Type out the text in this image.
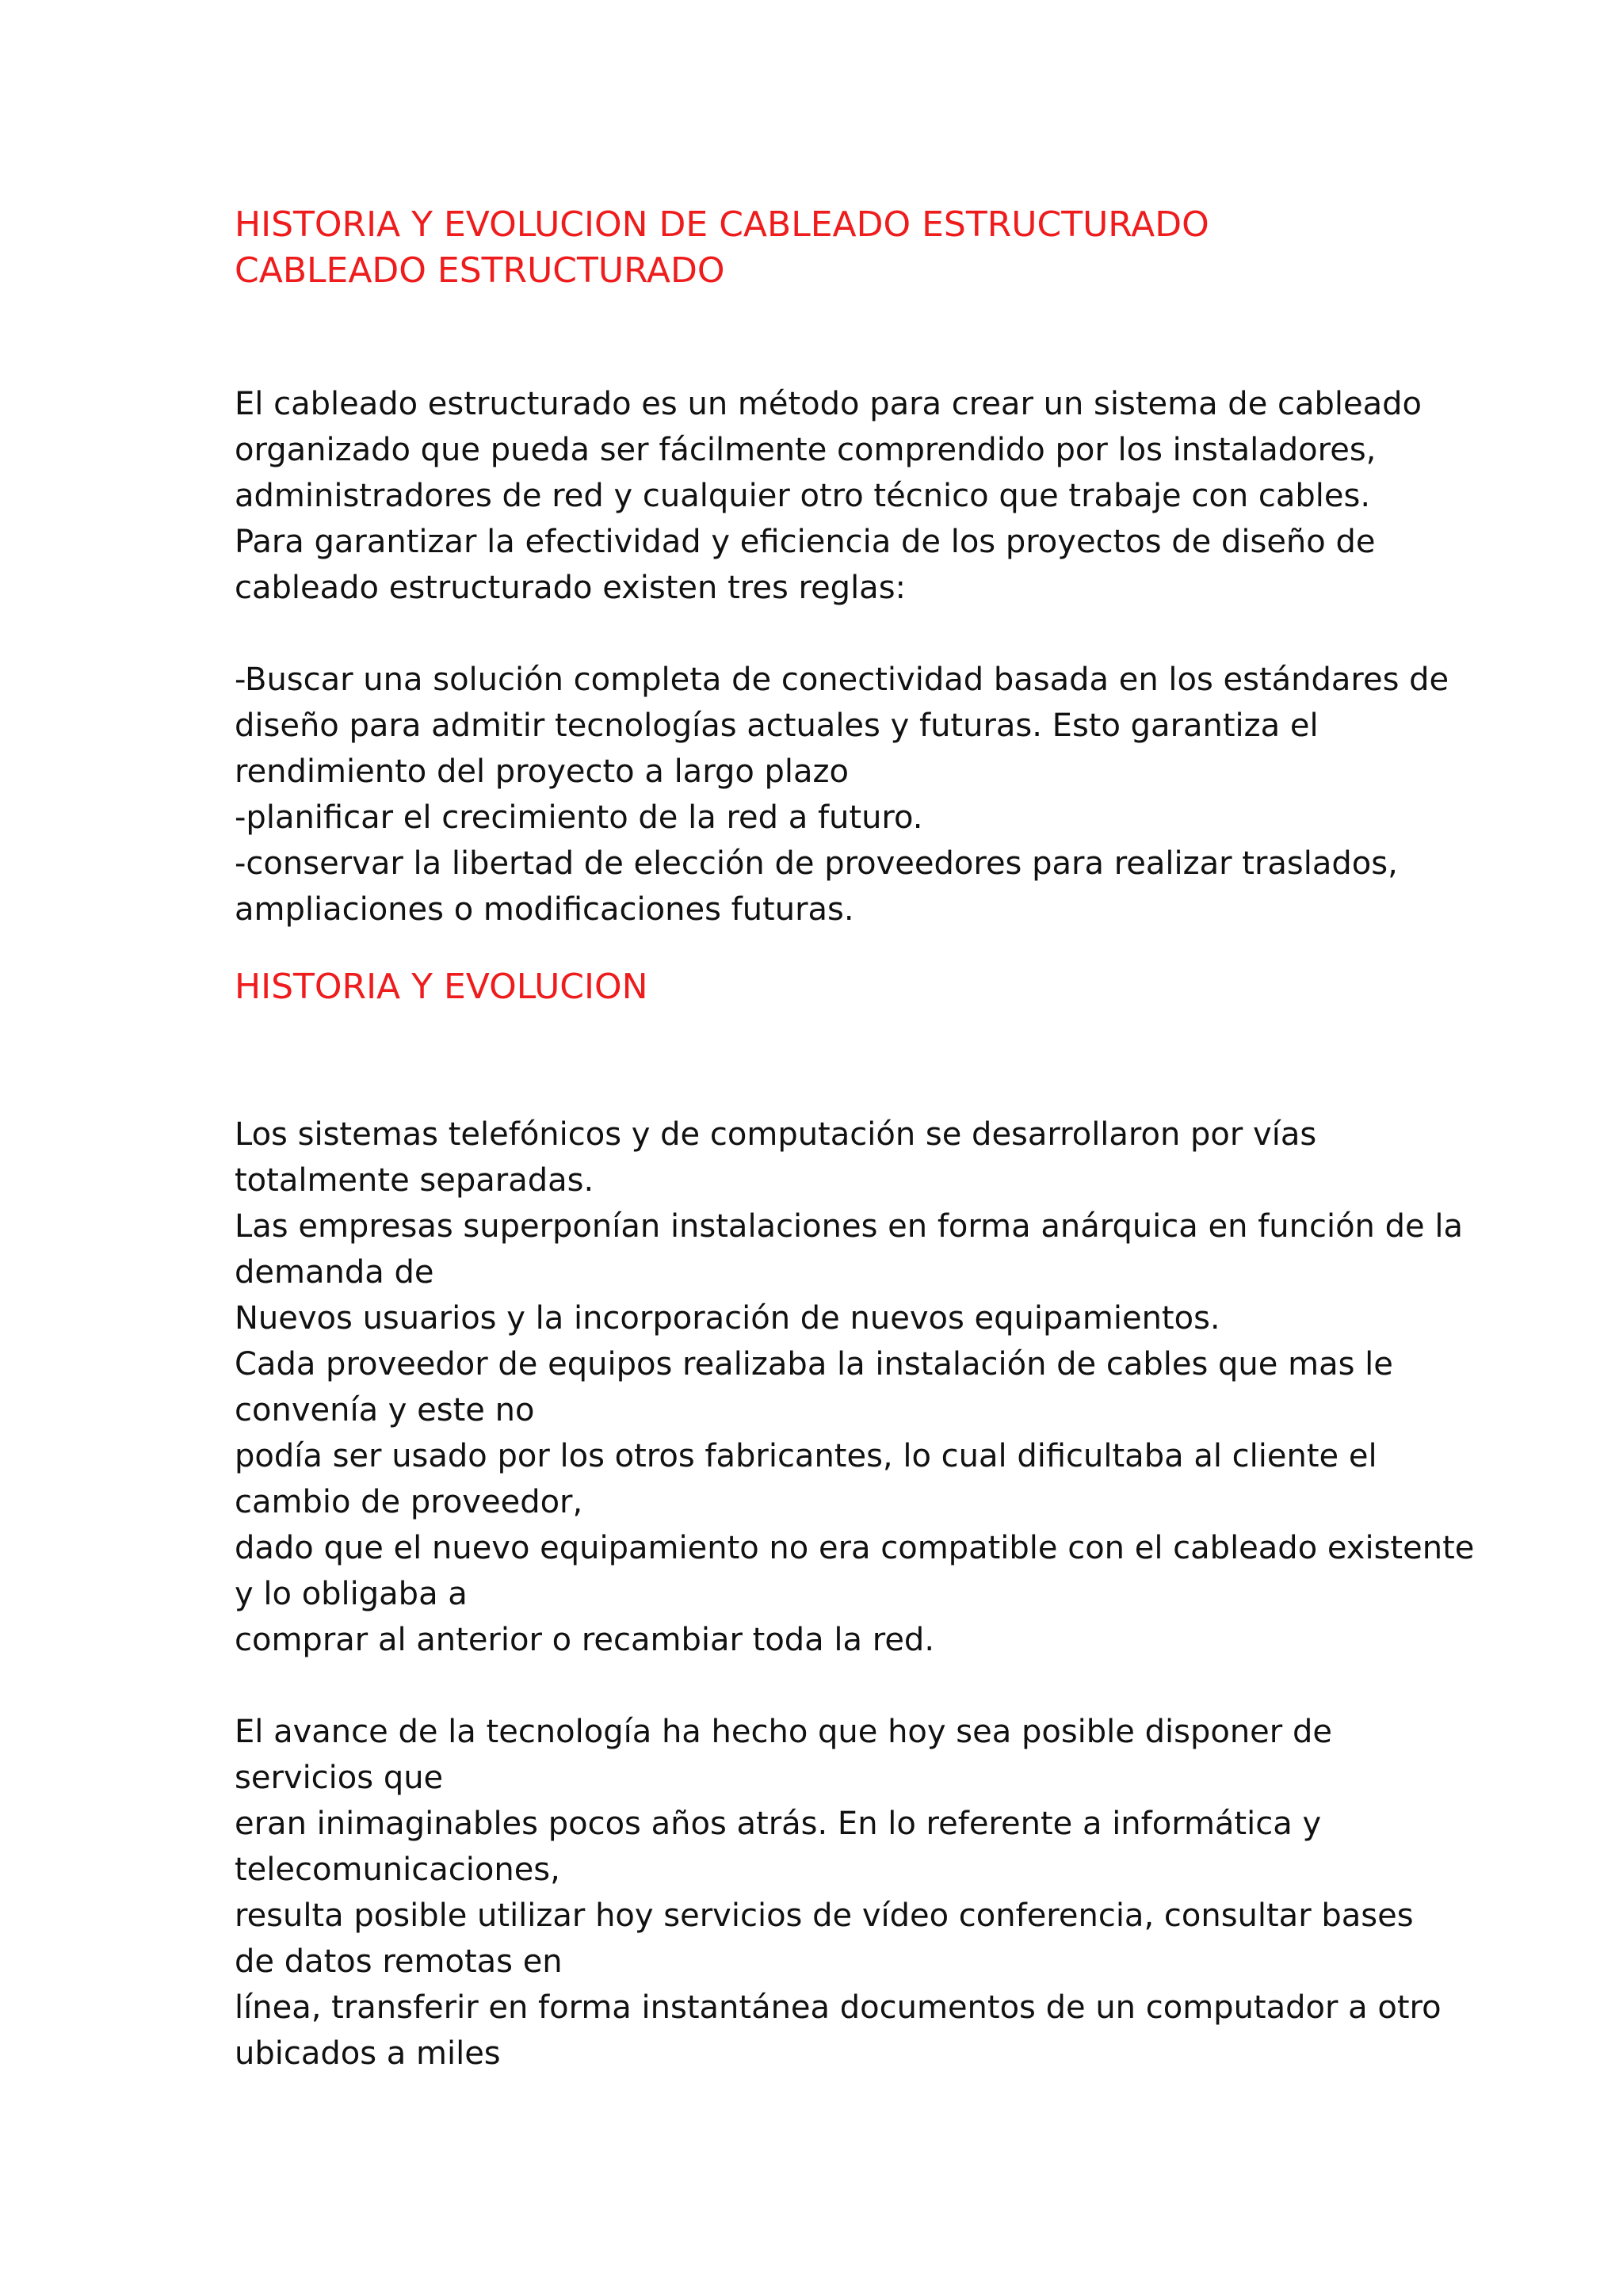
HISTORIA Y EVOLUCION DE CABLEADO ESTRUCTURADO

CABLEADO ESTRUCTURADO

El cableado estructurado es un método para crear un sistema de cableado

organizado que pueda ser fácilmente comprendido por los instaladores,

administradores de red y cualquier otro técnico que trabaje con cables.

Para garantizar la efectividad y eficiencia de los proyectos de diseño de

cableado estructurado existen tres reglas:

-Buscar una solución completa de conectividad basada en los estándares de

diseño para admitir tecnologías actuales y futuras. Esto garantiza el

rendimiento del proyecto a largo plazo

-planificar el crecimiento de la red a futuro.

-conservar la libertad de elección de proveedores para realizar traslados,

ampliaciones o modificaciones futuras.

HISTORIA Y EVOLUCION

Los sistemas telefónicos y de computación se desarrollaron por vías

totalmente separadas.

Las empresas superponían instalaciones en forma anárquica en función de la

demanda de

Nuevos usuarios y la incorporación de nuevos equipamientos.

Cada proveedor de equipos realizaba la instalación de cables que mas le

convenía y este no

podía ser usado por los otros fabricantes, lo cual dificultaba al cliente el

cambio de proveedor,

dado que el nuevo equipamiento no era compatible con el cableado existente

y lo obligaba a

comprar al anterior o recambiar toda la red.

El avance de la tecnología ha hecho que hoy sea posible disponer de

servicios que

eran inimaginables pocos años atrás. En lo referente a informática y

telecomunicaciones,

resulta posible utilizar hoy servicios de vídeo conferencia, consultar bases

de datos remotas en

línea, transferir en forma instantánea documentos de un computador a otro

ubicados a miles
